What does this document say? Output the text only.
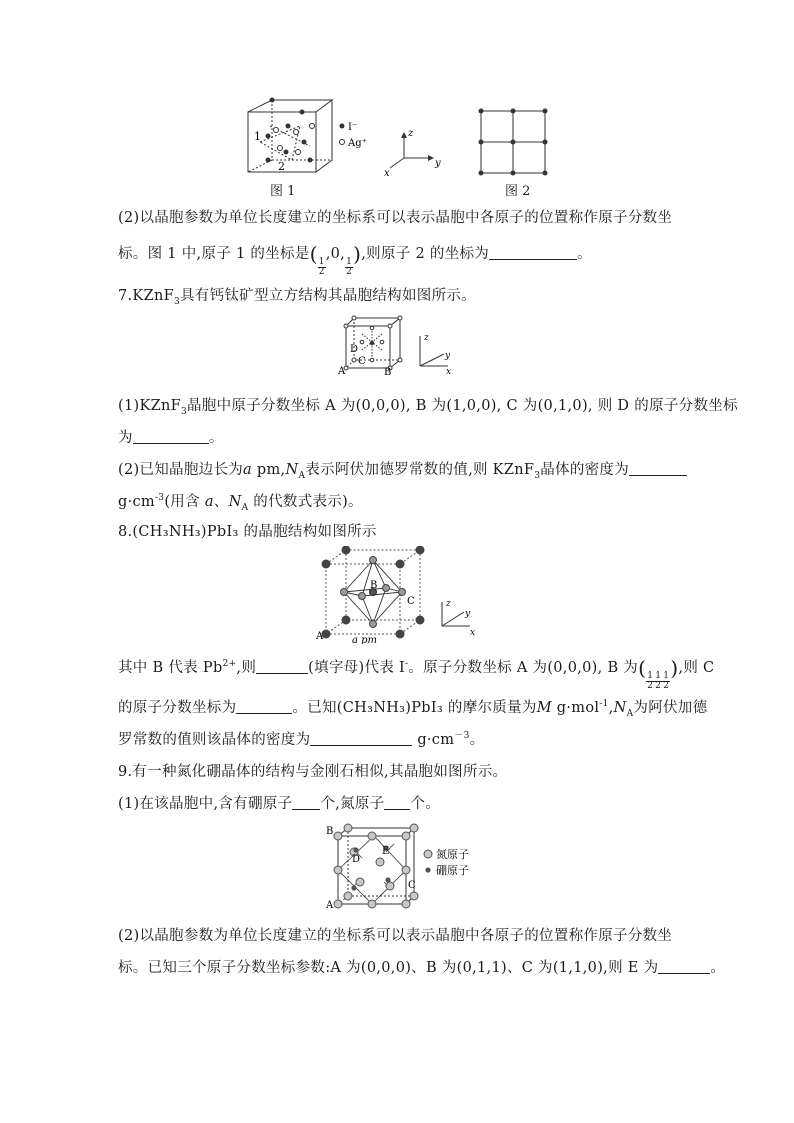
1
2
I⁻
Ag⁺
z
y
x
图 1	图 2
(2)以晶胞参数为单位长度建立的坐标系可以表示晶胞中各原子的位置称作原子分数坐
标。图 1 中,原子 1 的坐标是(
$\frac{1}{2}$
,0,
$\frac{1}{2}$
),则原子 2 的坐标为	。
7.KZnF$_3$具有钙钛矿型立方结构其晶胞结构如图所示。
A	B
C
D
z
y
x
(1)KZnF$_3$晶胞中原子分数坐标 A 为(0,0,0), B 为(1,0,0), C 为(0,1,0), 则 D 的原子分数坐标
为	。
(2)已知晶胞边长为a $pm,N_A$表示阿伏加德罗常数的值,则 KZnF$_3$晶体的密度为
$g\cdot cm^{-3}$(用含 a、$N_A$ 的代数式表示)。
8.(CH₃NH₃)PbI₃ 的晶胞结构如图所示
A
B
C
a pm
z
y
x
其中 B 代表 $Pb^{2+}$,则	(填字母)代表 I-。原子分数坐标 A 为(0,0,0), B 为(
$\frac{1}{2} \frac{1}{2} \frac{1}{2}$
),则 C
的原子分数坐标为	。已知(CH₃NH₃)PbI₃ 的摩尔质量为M $g\cdot mol^{-1},N_A$为阿伏加德
罗常数的值则该晶体的密度为	$g\cdot cm^{-3}$。
9.有一种氮化硼晶体的结构与金刚石相似,其晶胞如图所示。
(1)在该晶胞中,含有硼原子 个,氮原子 个。
B
A
C
D
E	氮原子
硼原子
(2)以晶胞参数为单位长度建立的坐标系可以表示晶胞中各原子的位置称作原子分数坐
标。已知三个原子分数坐标参数:A 为(0,0,0)、B 为(0,1,1)、C 为(1,1,0),则 E 为	。
